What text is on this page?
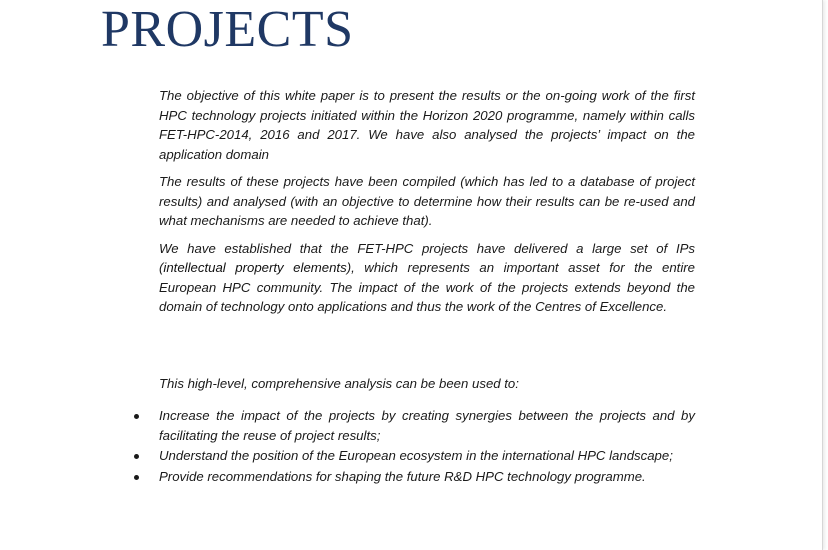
PROJECTS

The objective of this white paper is to present the results or the on-going work of the first HPC technology projects initiated within the Horizon 2020 programme, namely within calls FET-HPC-2014, 2016 and 2017. We have also analysed the projects’ impact on the application domain

The results of these projects have been compiled (which has led to a database of project results) and analysed (with an objective to determine how their results can be re-used and what mechanisms are needed to achieve that).

We have established that the FET-HPC projects have delivered a large set of IPs (intellectual property elements), which represents an important asset for the entire European HPC community. The impact of the work of the projects extends beyond the domain of technology onto applications and thus the work of the Centres of Excellence.

This high-level, comprehensive analysis can be been used to:

Increase the impact of the projects by creating synergies between the projects and by facilitating the reuse of project results;
Understand the position of the European ecosystem in the international HPC landscape;
Provide recommendations for shaping the future R&D HPC technology programme.
